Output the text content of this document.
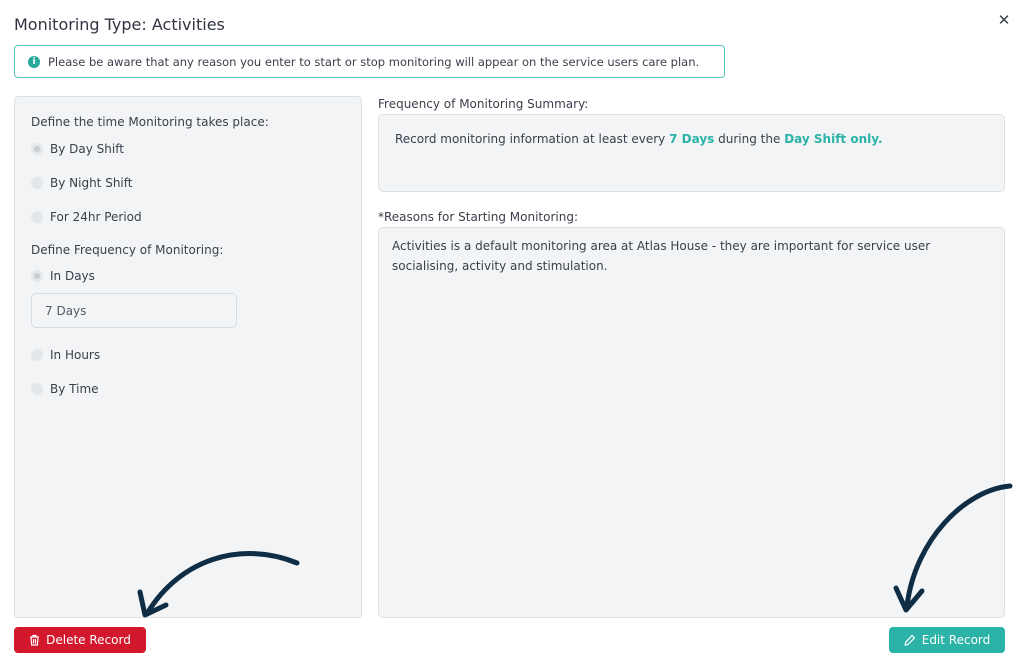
Monitoring Type: Activities	✕
i	Please be aware that any reason you enter to start or stop monitoring will appear on the service users care plan.
Define the time Monitoring takes place:
By Day Shift
By Night Shift
For 24hr Period
Define Frequency of Monitoring:
In Days
7 Days
In Hours
By Time
Frequency of Monitoring Summary:
Record monitoring information at least every 7 Days during the Day Shift only.
*Reasons for Starting Monitoring:
Activities is a default monitoring area at Atlas House - they are important for service user socialising, activity and stimulation.
Delete Record	Edit Record
